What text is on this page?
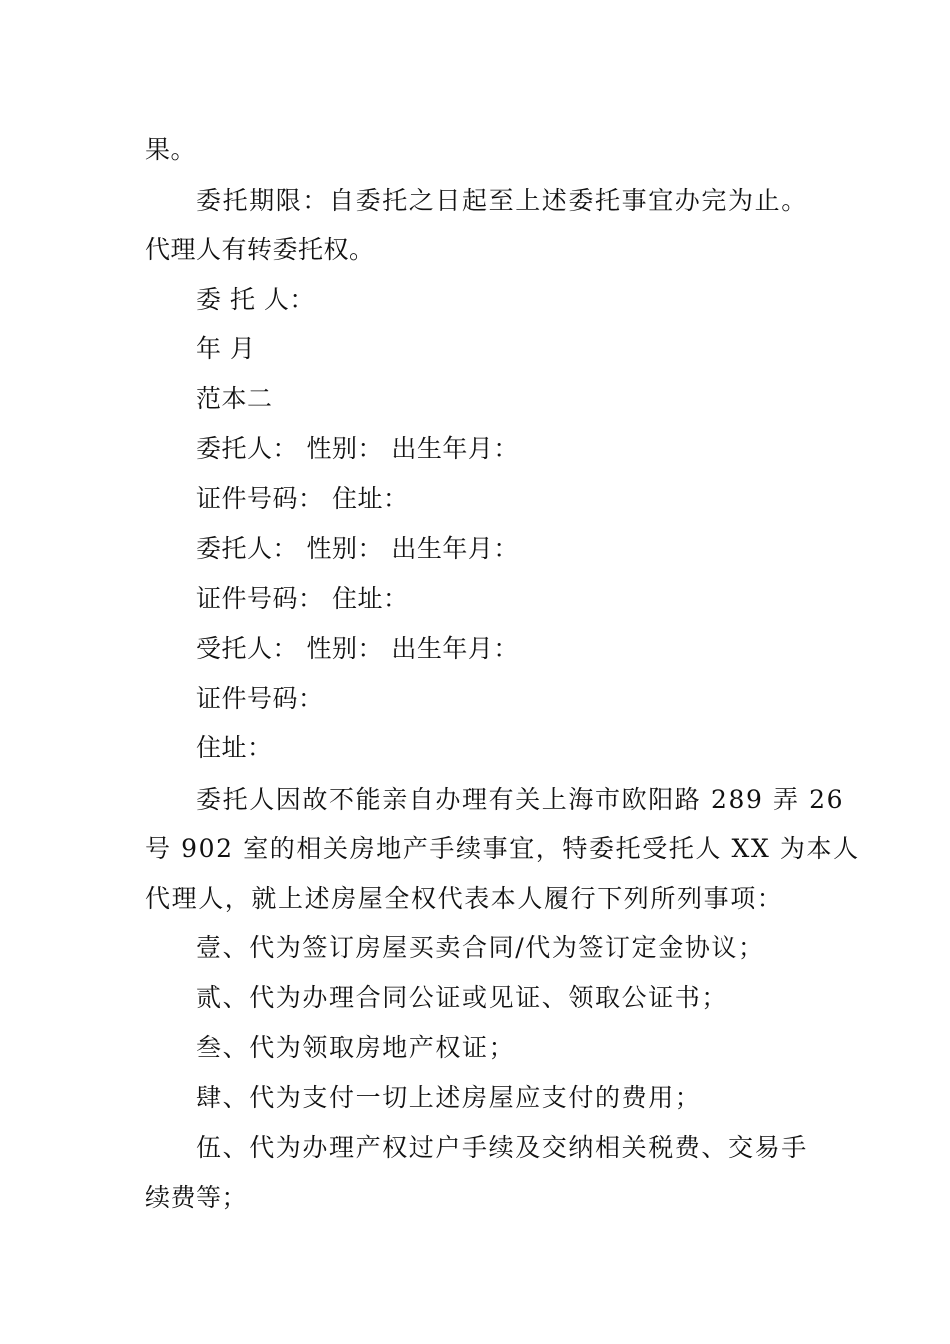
果。
委托期限：自委托之日起至上述委托事宜办完为止。
代理人有转委托权。
委 托 人：
年 月
范本二
委托人： 性别： 出生年月：
证件号码： 住址：
委托人： 性别： 出生年月：
证件号码： 住址：
受托人： 性别： 出生年月：
证件号码：
住址：
委托人因故不能亲自办理有关上海市欧阳路 289 弄 26
号 902 室的相关房地产手续事宜，特委托受托人 XX 为本人
代理人，就上述房屋全权代表本人履行下列所列事项：
壹、代为签订房屋买卖合同/代为签订定金协议；
贰、代为办理合同公证或见证、领取公证书；
叁、代为领取房地产权证；
肆、代为支付一切上述房屋应支付的费用；
伍、代为办理产权过户手续及交纳相关税费、交易手
续费等；
